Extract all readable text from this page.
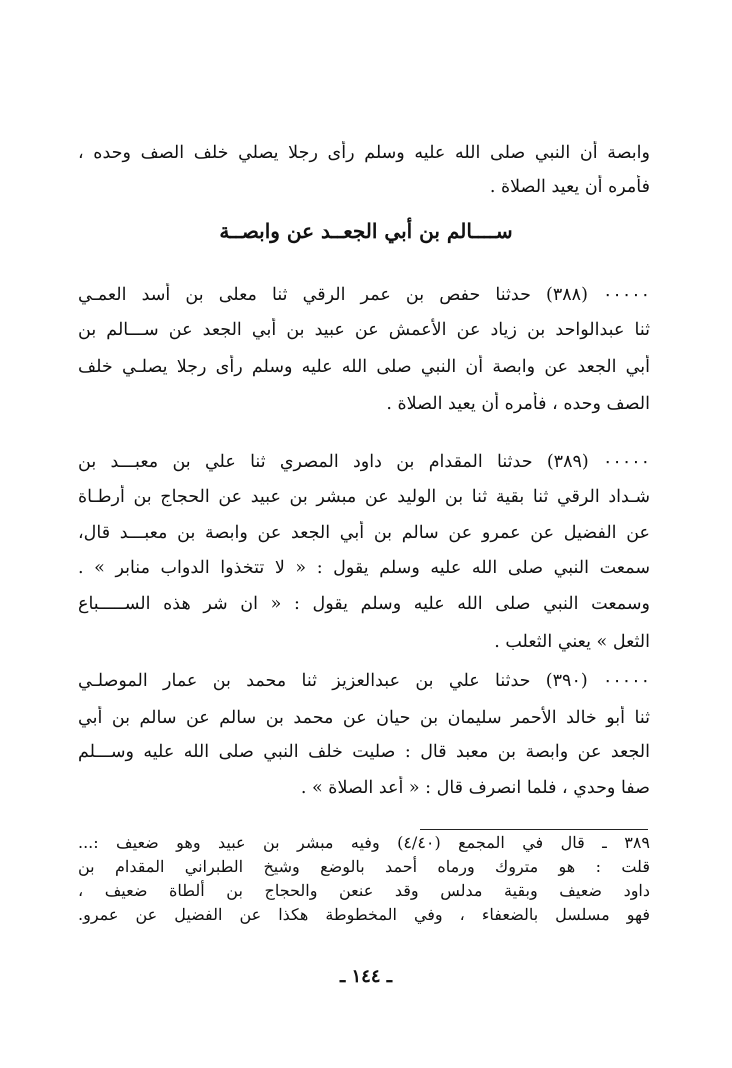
وابصة أن النبي صلى الله عليه وسلم رأى رجلا يصلي خلف الصف وحده ،
فأمره أن يعيد الصلاة .
ســــالم بن أبي الجعــد عن وابصــة
٠٠٠٠٠ (٣٨٨) حدثنا حفص بن عمر الرقي ثنا معلى بن أسد العمـي
ثنا عبدالواحد بن زياد عن الأعمش عن عبيد بن أبي الجعد عن ســـالم بن
أبي الجعد عن وابصة أن النبي صلى الله عليه وسلم رأى رجلا يصلـي خلف
الصف وحده ، فأمره أن يعيد الصلاة .
٠٠٠٠٠ (٣٨٩) حدثنا المقدام بن داود المصري ثنا علي بن معبـــد بن
شـداد الرقي ثنا بقية ثنا بن الوليد عن مبشر بن عبيد عن الحجاج بن أرطـاة
عن الفضيل عن عمرو عن سالم بن أبي الجعد عن وابصة بن معبـــد قال،
سمعت النبي صلى الله عليه وسلم يقول : « لا تتخذوا الدواب منابر » .
وسمعت النبي صلى الله عليه وسلم يقول : « ان شر هذه الســـــباع
الثعل » يعني الثعلب .
٠٠٠٠٠ (٣٩٠) حدثنا علي بن عبدالعزيز ثنا محمد بن عمار الموصلـي
ثنا أبو خالد الأحمر سليمان بن حيان عن محمد بن سالم عن سالم بن أبي
الجعد عن وابصة بن معبد قال : صليت خلف النبي صلى الله عليه وســـلم
صفا وحدي ، فلما انصرف قال : « أعد الصلاة » .
٣٨٩ ـ قال في المجمع (٤/٤٠) وفيه مبشر بن عبيد وهو ضعيف :...
قلت : هو متروك ورماه أحمد بالوضع وشيخ الطبراني المقدام بن
داود ضعيف وبقية مدلس وقد عنعن والحجاج بن ألطاة ضعيف ،
فهو مسلسل بالضعفاء ، وفي المخطوطة هكذا عن الفضيل عن عمرو.
ـ ١٤٤ ـ
